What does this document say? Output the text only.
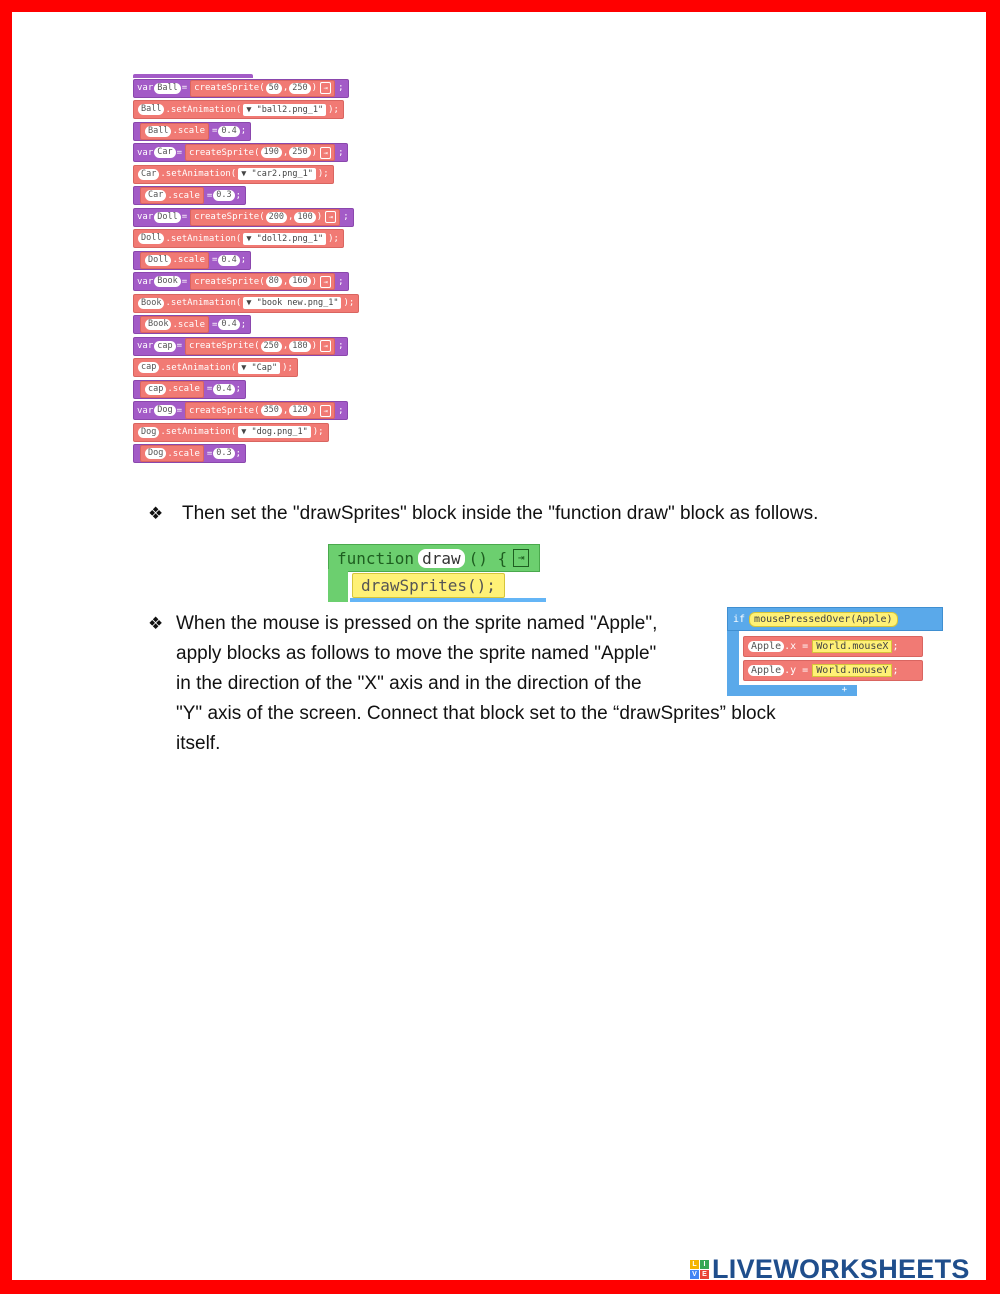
var Ball = createSprite( 50 , 250 ) ⇥	;
Ball .setAnimation( ▼ "ball2.png_1" );
Ball .scale = 0.4 ;
var Car = createSprite( 190 , 250 ) ⇥	;
Car .setAnimation( ▼ "car2.png_1" );
Car .scale = 0.3 ;
var Doll = createSprite( 200 , 100 ) ⇥	;
Doll .setAnimation( ▼ "doll2.png_1" );
Doll .scale = 0.4 ;
var Book = createSprite( 80 , 160 ) ⇥	;
Book .setAnimation( ▼ "book new.png_1" );
Book .scale = 0.4 ;
var cap = createSprite( 250 , 180 ) ⇥	;
cap .setAnimation( ▼ "Cap" );
cap .scale = 0.4 ;
var Dog = createSprite( 350 , 120 ) ⇥	;
Dog .setAnimation( ▼ "dog.png_1" );
Dog .scale = 0.3 ;
❖ Then set the "drawSprites" block inside the "function draw" block as follows.
function draw () { ⇥
drawSprites();
❖ When the mouse is pressed on the sprite named "Apple",
apply blocks as follows to move the sprite named "Apple"
in the direction of the "X" axis and in the direction of the
"Y" axis of the screen. Connect that block set to the “drawSprites” block
itself.
if mousePressedOver(Apple)
Apple .x = World.mouseX ;
Apple .y = World.mouseY ;
+
L I
V E LIVEWORKSHEETS
